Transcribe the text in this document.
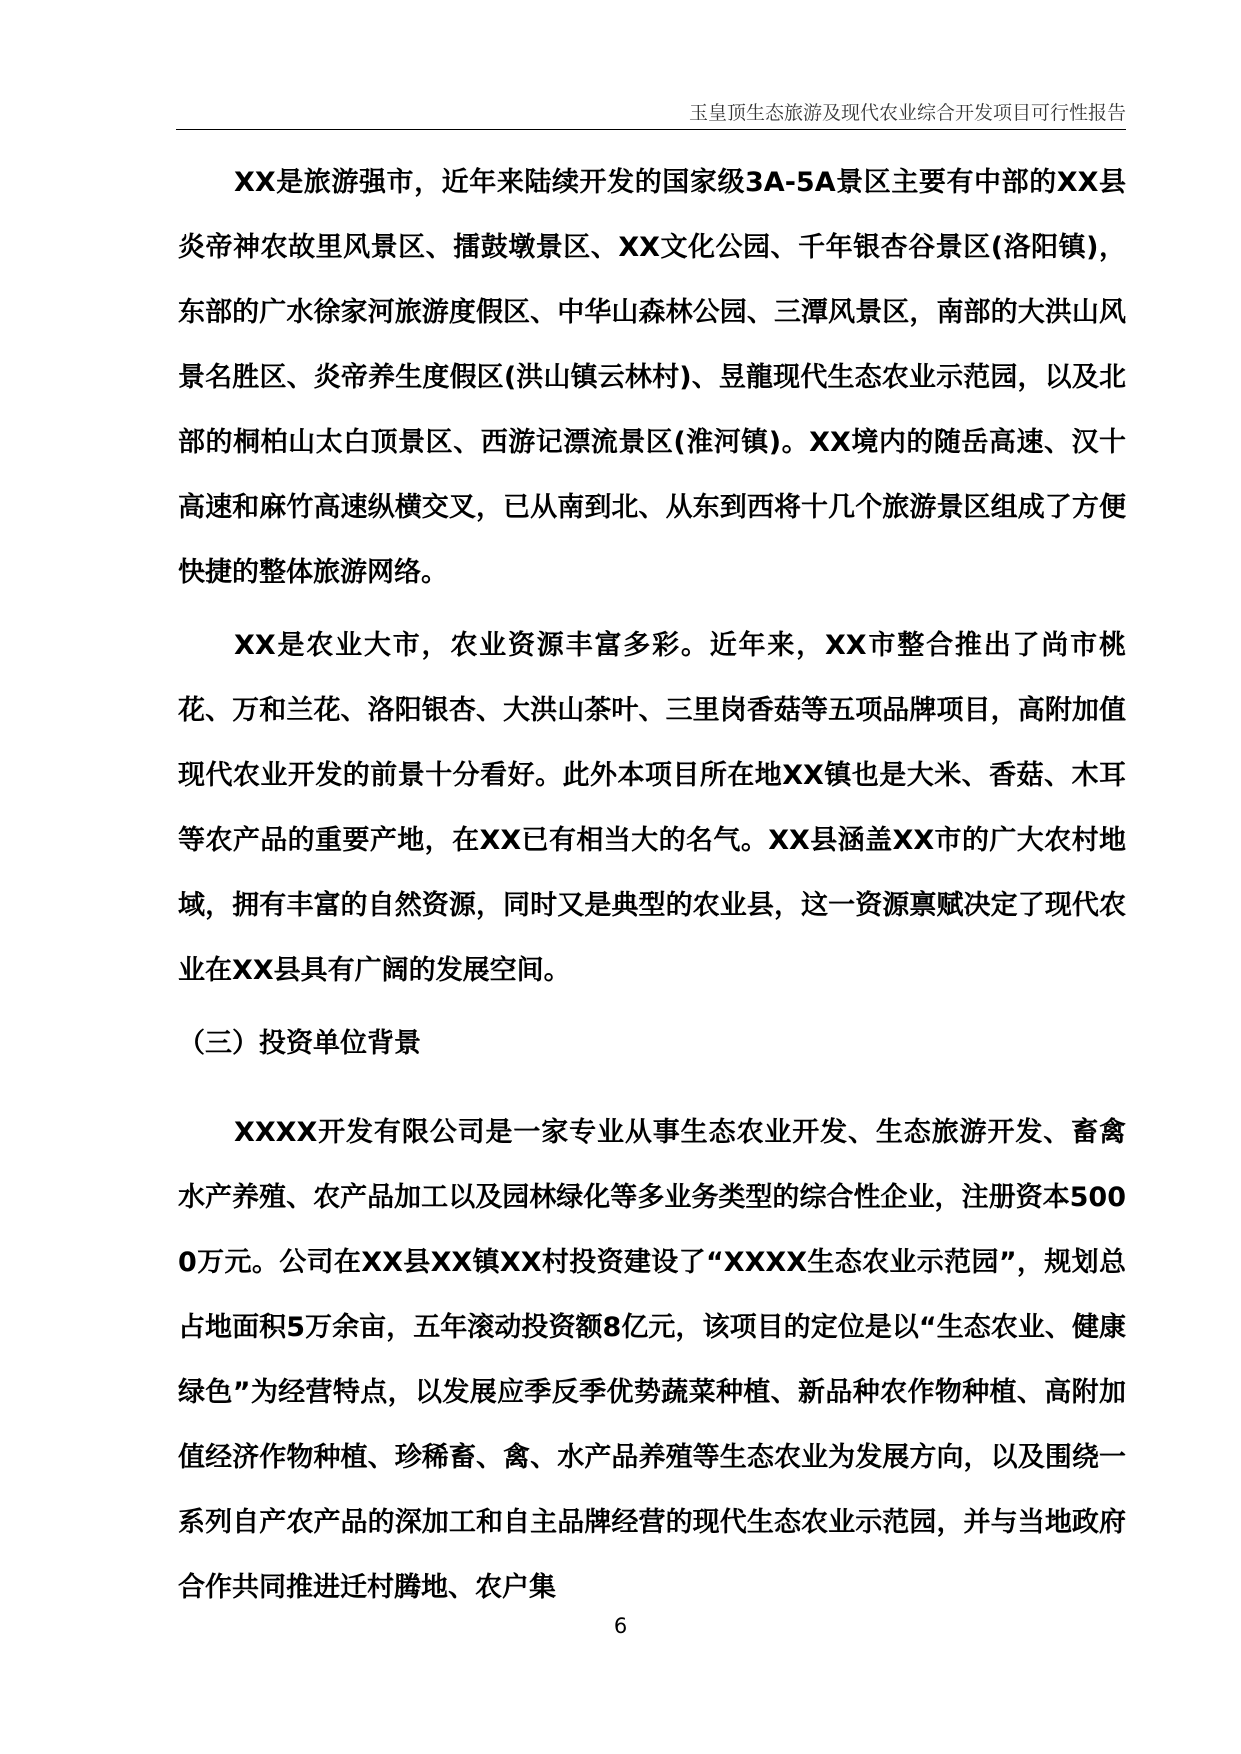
玉皇顶生态旅游及现代农业综合开发项目可行性报告

XX是旅游强市，近年来陆续开发的国家级3A-5A景区主要有中部的XX县炎帝神农故里风景区、擂鼓墩景区、XX文化公园、千年银杏谷景区(洛阳镇)，东部的广水徐家河旅游度假区、中华山森林公园、三潭风景区，南部的大洪山风景名胜区、炎帝养生度假区(洪山镇云林村)、昱龍现代生态农业示范园，以及北部的桐柏山太白顶景区、西游记漂流景区(淮河镇)。XX境内的随岳高速、汉十高速和麻竹高速纵横交叉，已从南到北、从东到西将十几个旅游景区组成了方便快捷的整体旅游网络。

XX是农业大市，农业资源丰富多彩。近年来，XX市整合推出了尚市桃花、万和兰花、洛阳银杏、大洪山茶叶、三里岗香菇等五项品牌项目，高附加值现代农业开发的前景十分看好。此外本项目所在地XX镇也是大米、香菇、木耳等农产品的重要产地，在XX已有相当大的名气。XX县涵盖XX市的广大农村地域，拥有丰富的自然资源，同时又是典型的农业县，这一资源禀赋决定了现代农业在XX县具有广阔的发展空间。

（三）投资单位背景

XXXX开发有限公司是一家专业从事生态农业开发、生态旅游开发、畜禽水产养殖、农产品加工以及园林绿化等多业务类型的综合性企业，注册资本5000万元。公司在XX县XX镇XX村投资建设了“XXXX生态农业示范园”，规划总占地面积5万余亩，五年滚动投资额8亿元，该项目的定位是以“生态农业、健康绿色”为经营特点，以发展应季反季优势蔬菜种植、新品种农作物种植、高附加值经济作物种植、珍稀畜、禽、水产品养殖等生态农业为发展方向，以及围绕一系列自产农产品的深加工和自主品牌经营的现代生态农业示范园，并与当地政府合作共同推进迁村腾地、农户集

6
